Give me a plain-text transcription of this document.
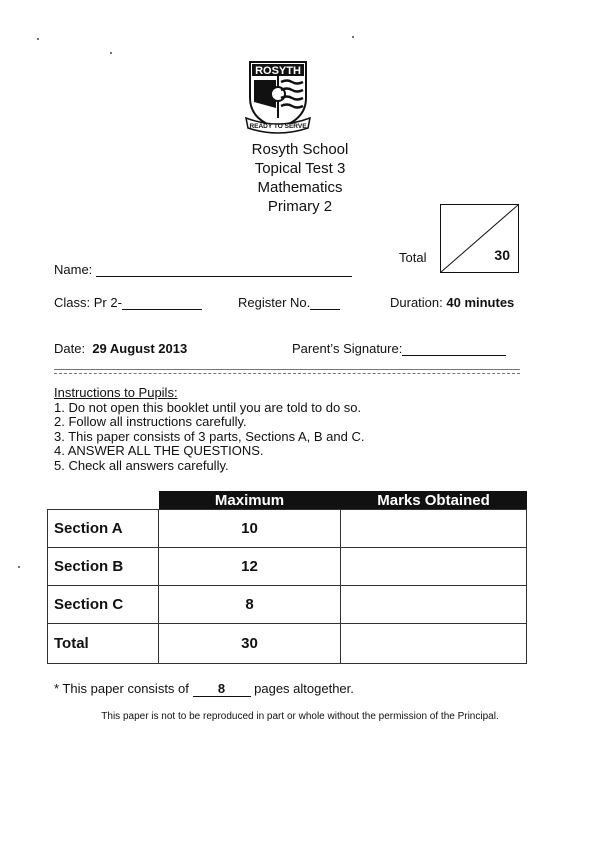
ROSYTH
READY TO SERVE
Rosyth School
Topical Test 3
Mathematics
Primary 2
Total	30
Name:
Class: Pr 2-	Register No.	Duration: 40 minutes
Date: 29 August 2013	Parent’s Signature:
Instructions to Pupils:
1. Do not open this booklet until you are told to do so.
2. Follow all instructions carefully.
3. This paper consists of 3 parts, Sections A, B and C.
4. ANSWER ALL THE QUESTIONS.
5. Check all answers carefully.
	Maximum	Marks Obtained
Section A	10	
Section B	12	
Section C	8	
Total	30	
* This paper consists of 8 pages altogether.
This paper is not to be reproduced in part or whole without the permission of the Principal.
